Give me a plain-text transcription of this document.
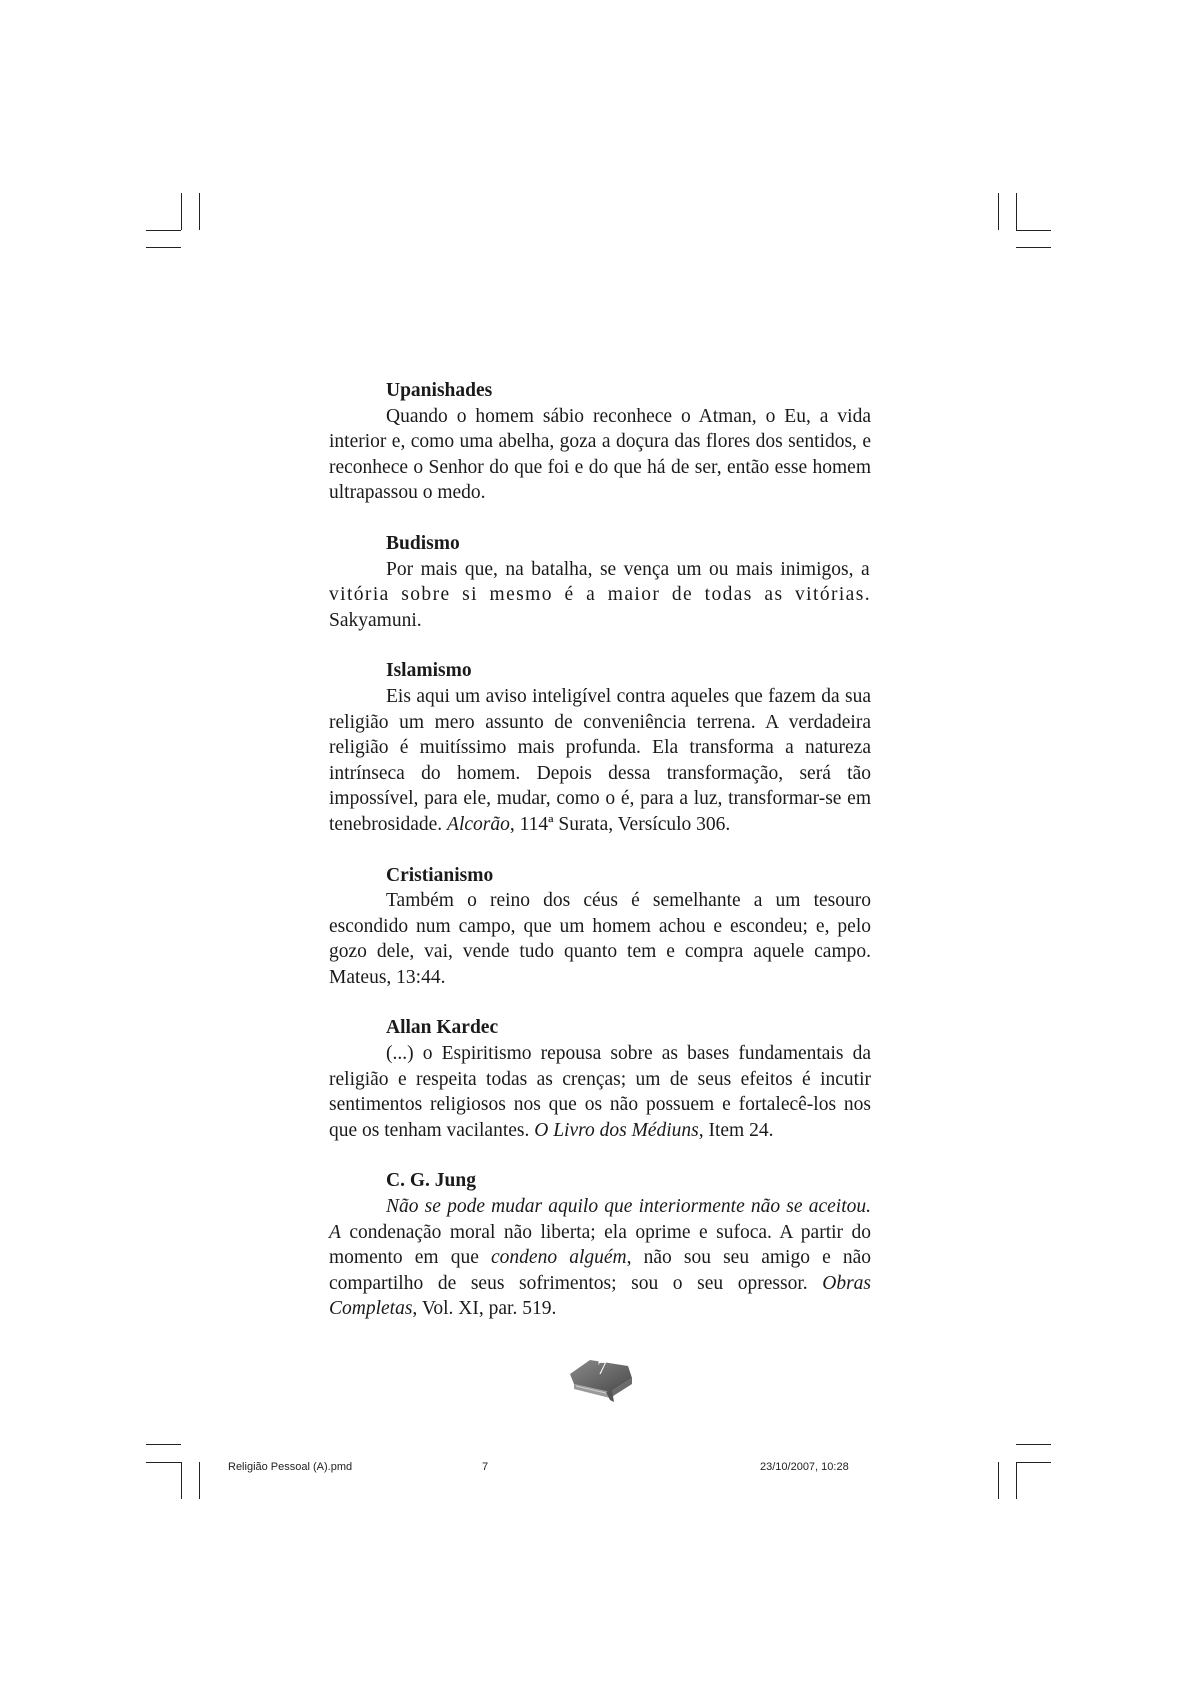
Upanishades

Quando o homem sábio reconhece o Atman, o Eu, a vida interior e, como uma abelha, goza a doçura das flores dos sentidos, e reconhece o Senhor do que foi e do que há de ser, então esse homem ultrapassou o medo.

Budismo

Por mais que, na batalha, se vença um ou mais inimigos, a vitória sobre si mesmo é a maior de todas as vitórias. Sakyamuni.

Islamismo

Eis aqui um aviso inteligível contra aqueles que fazem da sua religião um mero assunto de conveniência terrena. A verdadeira religião é muitíssimo mais profunda. Ela transforma a natureza intrínseca do homem. Depois dessa transformação, será tão impossível, para ele, mudar, como o é, para a luz, transformar-se em tenebrosidade. Alcorão, 114ª Surata, Versículo 306.

Cristianismo

Também o reino dos céus é semelhante a um tesouro escondido num campo, que um homem achou e escondeu; e, pelo gozo dele, vai, vende tudo quanto tem e compra aquele campo. Mateus, 13:44.

Allan Kardec

(...) o Espiritismo repousa sobre as bases fundamentais da religião e respeita todas as crenças; um de seus efeitos é incutir sentimentos religiosos nos que os não possuem e fortalecê-los nos que os tenham vacilantes. O Livro dos Médiuns, Item 24.

C. G. Jung

Não se pode mudar aquilo que interiormente não se aceitou. A condenação moral não liberta; ela oprime e sufoca. A partir do momento em que condeno alguém, não sou seu amigo e não compartilho de seus sofrimentos; sou o seu opressor. Obras Completas, Vol. XI, par. 519.

7
Religião Pessoal (A).pmd	7	23/10/2007, 10:28
